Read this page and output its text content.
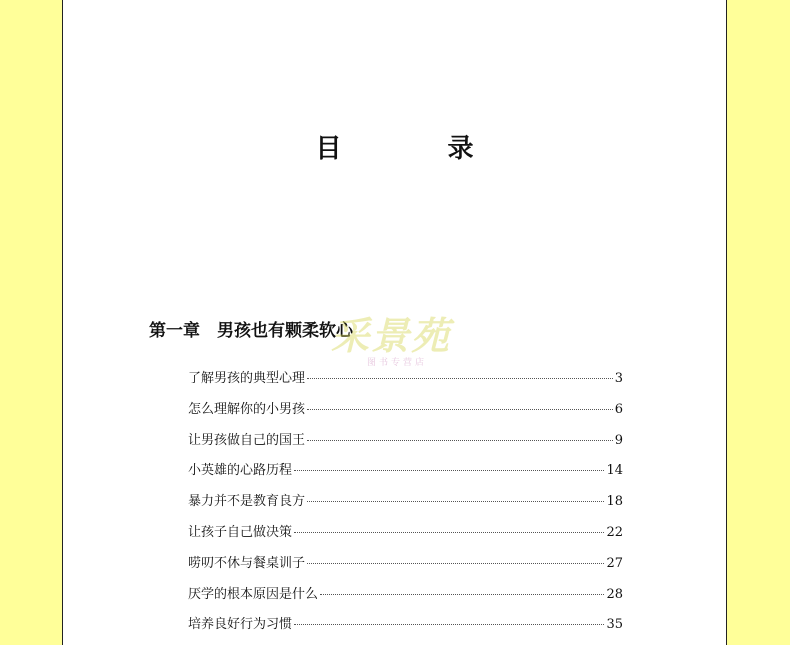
目　录
第一章　男孩也有颗柔软心
采景苑
图书专营店
了解男孩的典型心理	3
怎么理解你的小男孩	6
让男孩做自己的国王	9
小英雄的心路历程	14
暴力并不是教育良方	18
让孩子自己做决策	22
唠叨不休与餐桌训子	27
厌学的根本原因是什么	28
培养良好行为习惯	35
